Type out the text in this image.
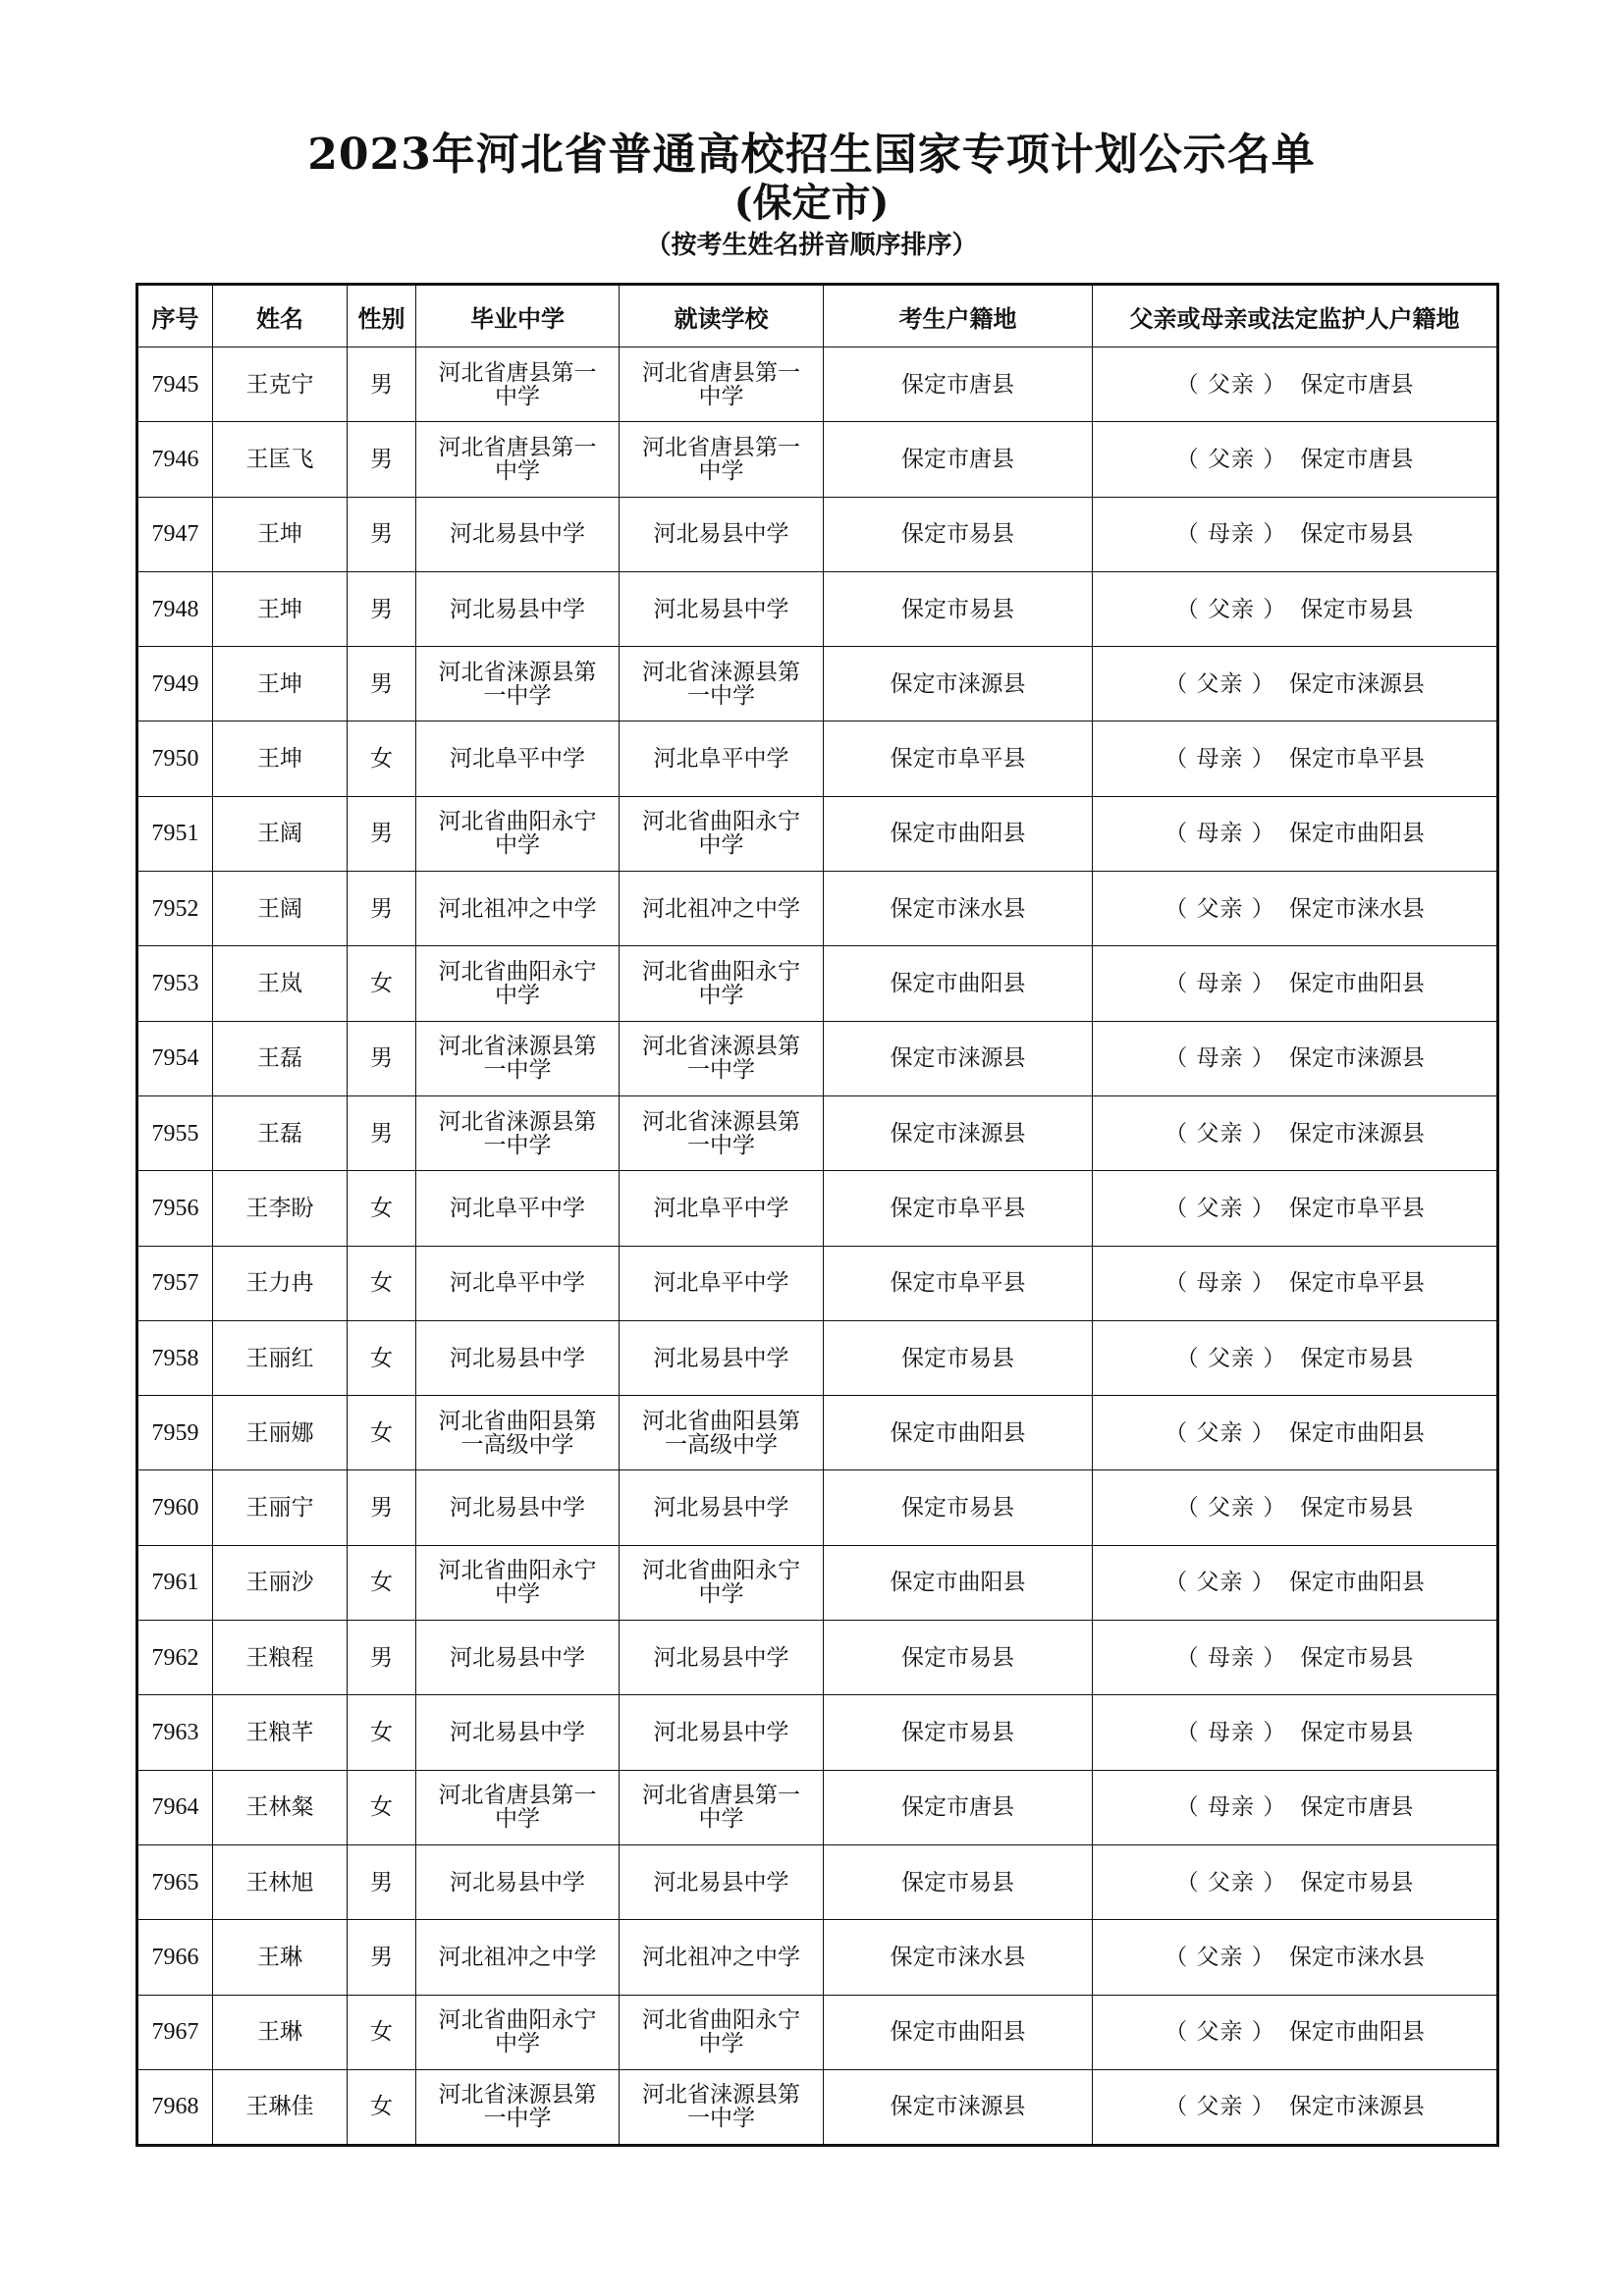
2023年河北省普通高校招生国家专项计划公示名单
(保定市)
（按考生姓名拼音顺序排序）
序号	姓名	性别	毕业中学	就读学校	考生户籍地	父亲或母亲或法定监护人户籍地
7945	王克宁	男	河北省唐县第一中学	河北省唐县第一中学	保定市唐县	（ 父亲 ） 保定市唐县
7946	王匡飞	男	河北省唐县第一中学	河北省唐县第一中学	保定市唐县	（ 父亲 ） 保定市唐县
7947	王坤	男	河北易县中学	河北易县中学	保定市易县	（ 母亲 ） 保定市易县
7948	王坤	男	河北易县中学	河北易县中学	保定市易县	（ 父亲 ） 保定市易县
7949	王坤	男	河北省涞源县第一中学	河北省涞源县第一中学	保定市涞源县	（ 父亲 ） 保定市涞源县
7950	王坤	女	河北阜平中学	河北阜平中学	保定市阜平县	（ 母亲 ） 保定市阜平县
7951	王阔	男	河北省曲阳永宁中学	河北省曲阳永宁中学	保定市曲阳县	（ 母亲 ） 保定市曲阳县
7952	王阔	男	河北祖冲之中学	河北祖冲之中学	保定市涞水县	（ 父亲 ） 保定市涞水县
7953	王岚	女	河北省曲阳永宁中学	河北省曲阳永宁中学	保定市曲阳县	（ 母亲 ） 保定市曲阳县
7954	王磊	男	河北省涞源县第一中学	河北省涞源县第一中学	保定市涞源县	（ 母亲 ） 保定市涞源县
7955	王磊	男	河北省涞源县第一中学	河北省涞源县第一中学	保定市涞源县	（ 父亲 ） 保定市涞源县
7956	王李盼	女	河北阜平中学	河北阜平中学	保定市阜平县	（ 父亲 ） 保定市阜平县
7957	王力冉	女	河北阜平中学	河北阜平中学	保定市阜平县	（ 母亲 ） 保定市阜平县
7958	王丽红	女	河北易县中学	河北易县中学	保定市易县	（ 父亲 ） 保定市易县
7959	王丽娜	女	河北省曲阳县第一高级中学	河北省曲阳县第一高级中学	保定市曲阳县	（ 父亲 ） 保定市曲阳县
7960	王丽宁	男	河北易县中学	河北易县中学	保定市易县	（ 父亲 ） 保定市易县
7961	王丽沙	女	河北省曲阳永宁中学	河北省曲阳永宁中学	保定市曲阳县	（ 父亲 ） 保定市曲阳县
7962	王粮程	男	河北易县中学	河北易县中学	保定市易县	（ 母亲 ） 保定市易县
7963	王粮芊	女	河北易县中学	河北易县中学	保定市易县	（ 母亲 ） 保定市易县
7964	王林粲	女	河北省唐县第一中学	河北省唐县第一中学	保定市唐县	（ 母亲 ） 保定市唐县
7965	王林旭	男	河北易县中学	河北易县中学	保定市易县	（ 父亲 ） 保定市易县
7966	王琳	男	河北祖冲之中学	河北祖冲之中学	保定市涞水县	（ 父亲 ） 保定市涞水县
7967	王琳	女	河北省曲阳永宁中学	河北省曲阳永宁中学	保定市曲阳县	（ 父亲 ） 保定市曲阳县
7968	王琳佳	女	河北省涞源县第一中学	河北省涞源县第一中学	保定市涞源县	（ 父亲 ） 保定市涞源县
